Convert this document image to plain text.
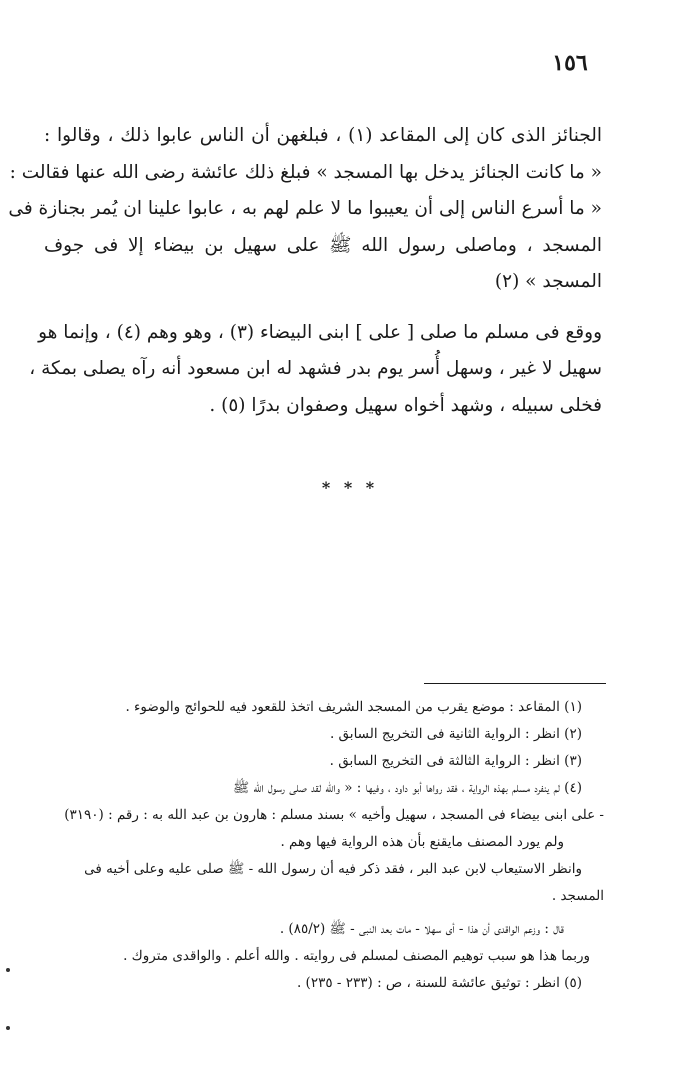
١٥٦

الجنائز الذى كان إلى المقاعد (١) ، فبلغهن أن الناس عابوا ذلك ، وقالوا :

« ما كانت الجنائز يدخل بها المسجد » فبلغ ذلك عائشة رضى الله عنها فقالت :

« ما أسرع الناس إلى أن يعيبوا ما لا علم لهم به ، عابوا علينا ان يُمر بجنازة فى

المسجد ، وماصلى رسول الله ﷺ على سهيل بن بيضاء إلا فى جوف

المسجد » (٢)

ووقع فى مسلم ما صلى [ على ] ابنى البيضاء (٣) ، وهو وهم (٤) ، وإنما هو

سهيل لا غير ، وسهل أُسر يوم بدر فشهد له ابن مسعود أنه رآه يصلى بمكة ،

فخلى سبيله ، وشهد أخواه سهيل وصفوان بدرًا (٥) .

* * *

(١) المقاعد : موضع يقرب من المسجد الشريف اتخذ للقعود فيه للحوائج والوضوء .

(٢) انظر : الرواية الثانية فى التخريج السابق .

(٣) انظر : الرواية الثالثة فى التخريج السابق .

(٤) لم ينفرد مسلم بهذه الرواية ، فقد رواها أبو داود ، وفيها : « والله لقد صلى رسول الله ﷺ

- على ابنى بيضاء فى المسجد ، سهيل وأخيه » بسند مسلم : هارون بن عبد الله به : رقم : (٣١٩٠)

ولم يورد المصنف مايقنع بأن هذه الرواية فيها وهم .

وانظر الاستيعاب لابن عبد البر ، فقد ذكر فيه أن رسول الله - ﷺ صلى عليه وعلى أخيه فى

المسجد .

قال : وزعم الواقدى أن هذا - أى سهلا - مات بعد النبى - ﷺ (٨٥/٢) .

وربما هذا هو سبب توهيم المصنف لمسلم فى روايته . والله أعلم . والواقدى متروك .

(٥) انظر : توثيق عائشة للسنة ، ص : (٢٣٣ - ٢٣٥) .
